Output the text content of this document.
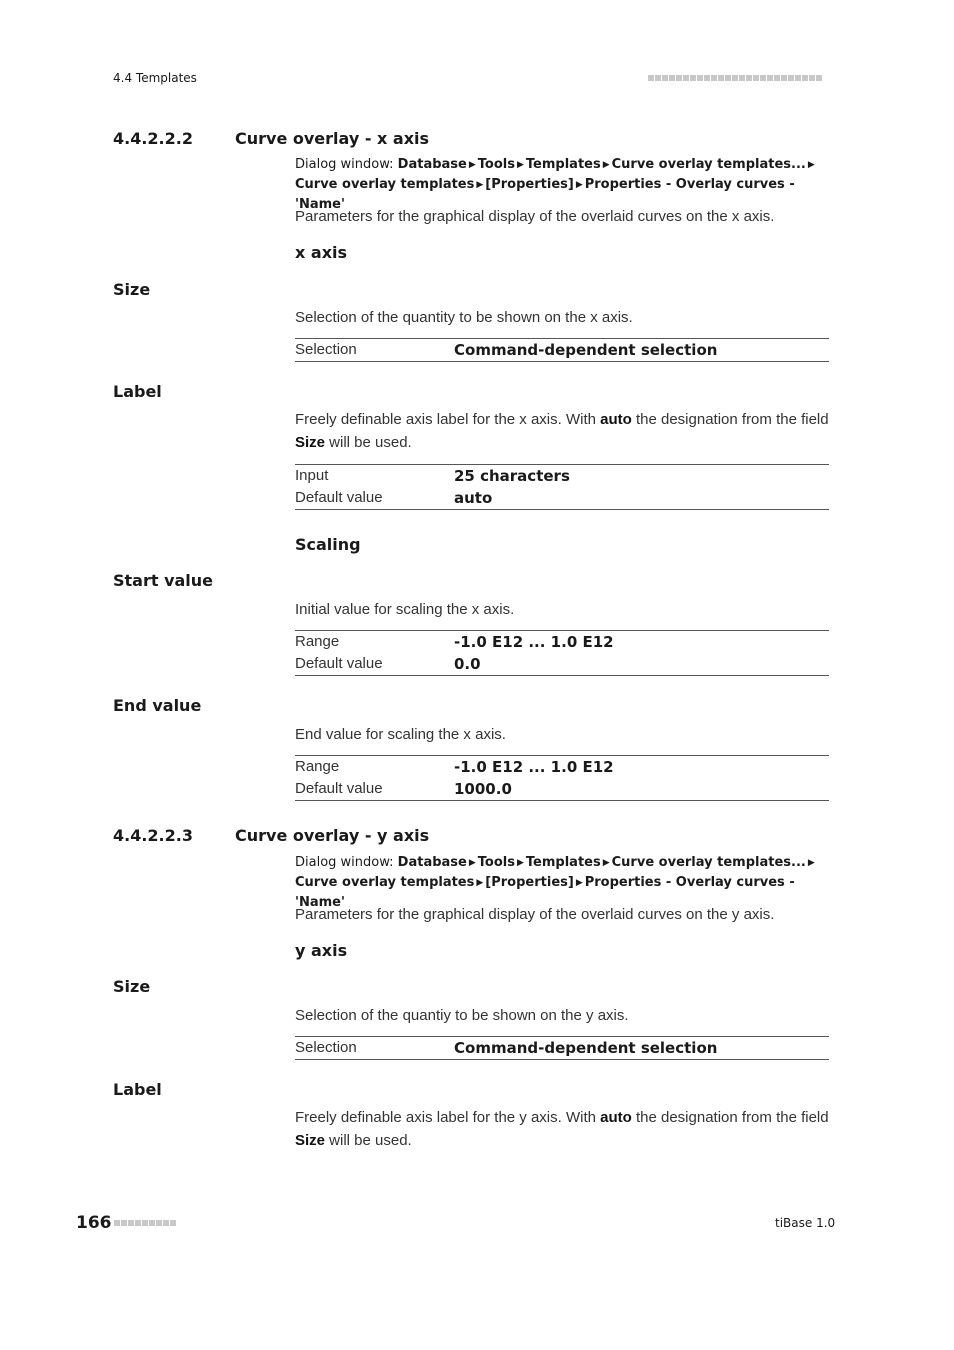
4.4 Templates
4.4.2.2.2	Curve overlay - x axis
Dialog window: Database ▶ Tools ▶ Templates ▶ Curve overlay templates... ▶Curve overlay templates ▶ [Properties] ▶ Properties - Overlay curves - 'Name'
Parameters for the graphical display of the overlaid curves on the x axis.
x axis
Size
Selection of the quantity to be shown on the x axis.
Selection	Command-dependent selection
Label
Freely definable axis label for the x axis. With auto the designation from the field Size will be used.
Input	25 characters
Default value	auto
Scaling
Start value
Initial value for scaling the x axis.
Range	-1.0 E12 ... 1.0 E12
Default value	0.0
End value
End value for scaling the x axis.
Range	-1.0 E12 ... 1.0 E12
Default value	1000.0
4.4.2.2.3	Curve overlay - y axis
Dialog window: Database ▶ Tools ▶ Templates ▶ Curve overlay templates... ▶Curve overlay templates ▶ [Properties] ▶ Properties - Overlay curves - 'Name'
Parameters for the graphical display of the overlaid curves on the y axis.
y axis
Size
Selection of the quantiy to be shown on the y axis.
Selection	Command-dependent selection
Label
Freely definable axis label for the y axis. With auto the designation from the field Size will be used.
166	tiBase 1.0
